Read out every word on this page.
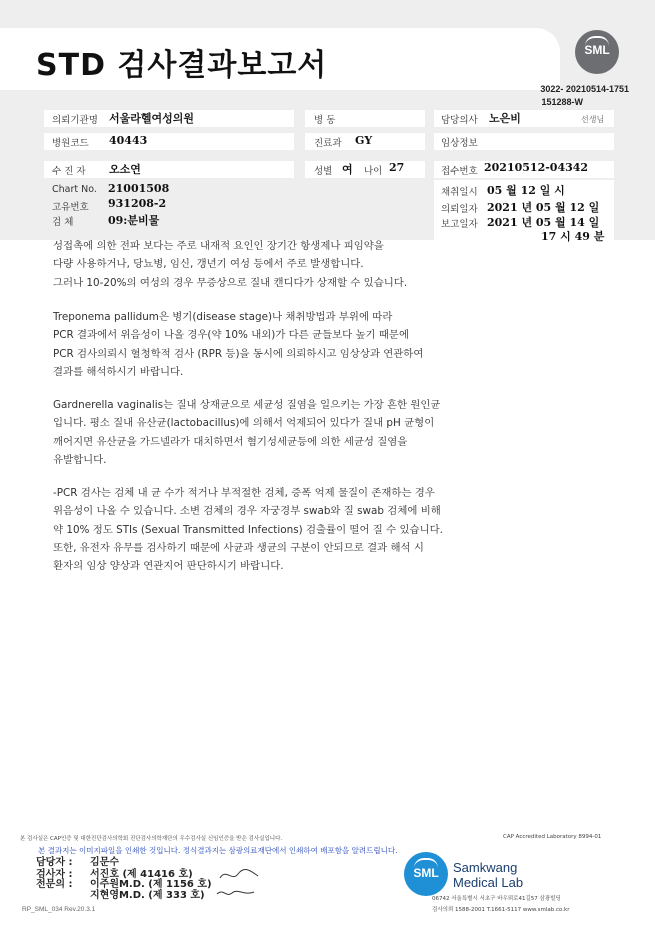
STD 검사결과보고서	SML
3022- 20210514-1751
151288-W
의뢰기관명 서울라헬여성의원	병 동	담당의사 노은비	선생님
병원코드 40443	진료과 GY	임상정보
수 진 자 오소연	성별 여 나이 27	접수번호 20210512-04342
Chart No. 21001508
고유번호 931208-2
검 체	09:분비물
채취일시 05 월 12 일 시
의뢰일자 2021 년 05 월 12 일
보고일자 2021 년 05 월 14 일
17 시 49 분
성접촉에 의한 전파 보다는 주로 내재적 요인인 장기간 항생제나 피임약을
다량 사용하거나, 당뇨병, 임신, 갱년기 여성 등에서 주로 발생합니다.
그러나 10-20%의 여성의 경우 무증상으로 질내 캔디다가 상재할 수 있습니다.
Treponema pallidum은 병기(disease stage)나 채취방법과 부위에 따라
PCR 결과에서 위음성이 나올 경우(약 10% 내외)가 다른 균들보다 높기 때문에
PCR 검사의뢰시 혈청학적 검사 (RPR 등)을 동시에 의뢰하시고 임상상과 연관하여
결과를 해석하시기 바랍니다.
Gardnerella vaginalis는 질내 상재균으로 세균성 질염을 일으키는 가장 흔한 원인균
입니다. 평소 질내 유산균(lactobacillus)에 의해서 억제되어 있다가 질내 pH 균형이
깨어지면 유산균을 가드넬라가 대치하면서 혐기성세균등에 의한 세균성 질염을
유발합니다.
-PCR 검사는 검체 내 균 수가 적거나 부적절한 검체, 증폭 억제 물질이 존재하는 경우
위음성이 나올 수 있습니다. 소변 검체의 경우 자궁경부 swab와 질 swab 검체에 비해
약 10% 정도 STIs (Sexual Transmitted Infections) 검출률이 떨어 질 수 있습니다.
또한, 유전자 유무를 검사하기 때문에 사균과 생균의 구분이 안되므로 결과 해석 시
환자의 임상 양상과 연관지어 판단하시기 바랍니다.
본 검사실은 CAP인증 및 대한진단검사의학회 진단검사의학재단의 우수검사실 신임인증을 받은 검사실입니다.	CAP Accredited Laboratory 8994-01
본 결과지는 이미지파일을 인쇄한 것입니다. 정식결과지는 삼광의료재단에서 인쇄하여 배포함을 알려드립니다.
담당자 : 김문수
검사자 : 서진호 (제 41416 호)
전문의 : 이주원M.D. (제 1156 호)
지현영M.D. (제 333 호)
RP_SML_034 Rev.20.3.1
SML	Samkwang
Medical Lab
06742 서울특별시 서초구 바우뫼로41길57 삼광빌딩
검사의뢰 1588-2001 T.1661-5117 www.smlab.co.kr
